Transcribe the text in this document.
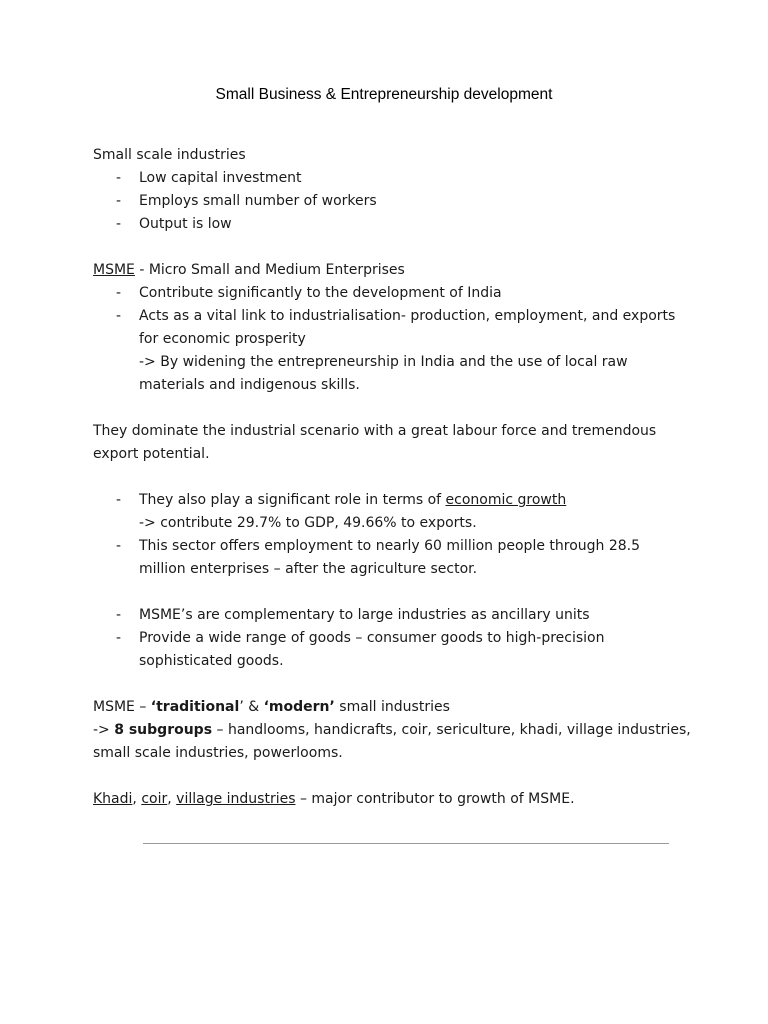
Small Business & Entrepreneurship development
Small scale industries
- Low capital investment
- Employs small number of workers
- Output is low
MSME - Micro Small and Medium Enterprises
- Contribute significantly to the development of India
- Acts as a vital link to industrialisation- production, employment, and exports
for economic prosperity
-> By widening the entrepreneurship in India and the use of local raw
materials and indigenous skills.
They dominate the industrial scenario with a great labour force and tremendous
export potential.
- They also play a significant role in terms of economic growth
-> contribute 29.7% to GDP, 49.66% to exports.
- This sector offers employment to nearly 60 million people through 28.5
million enterprises – after the agriculture sector.
- MSME’s are complementary to large industries as ancillary units
- Provide a wide range of goods – consumer goods to high-precision
sophisticated goods.
MSME – ‘traditional’ & ‘modern’ small industries
-> 8 subgroups – handlooms, handicrafts, coir, sericulture, khadi, village industries,
small scale industries, powerlooms.
Khadi, coir, village industries – major contributor to growth of MSME.
